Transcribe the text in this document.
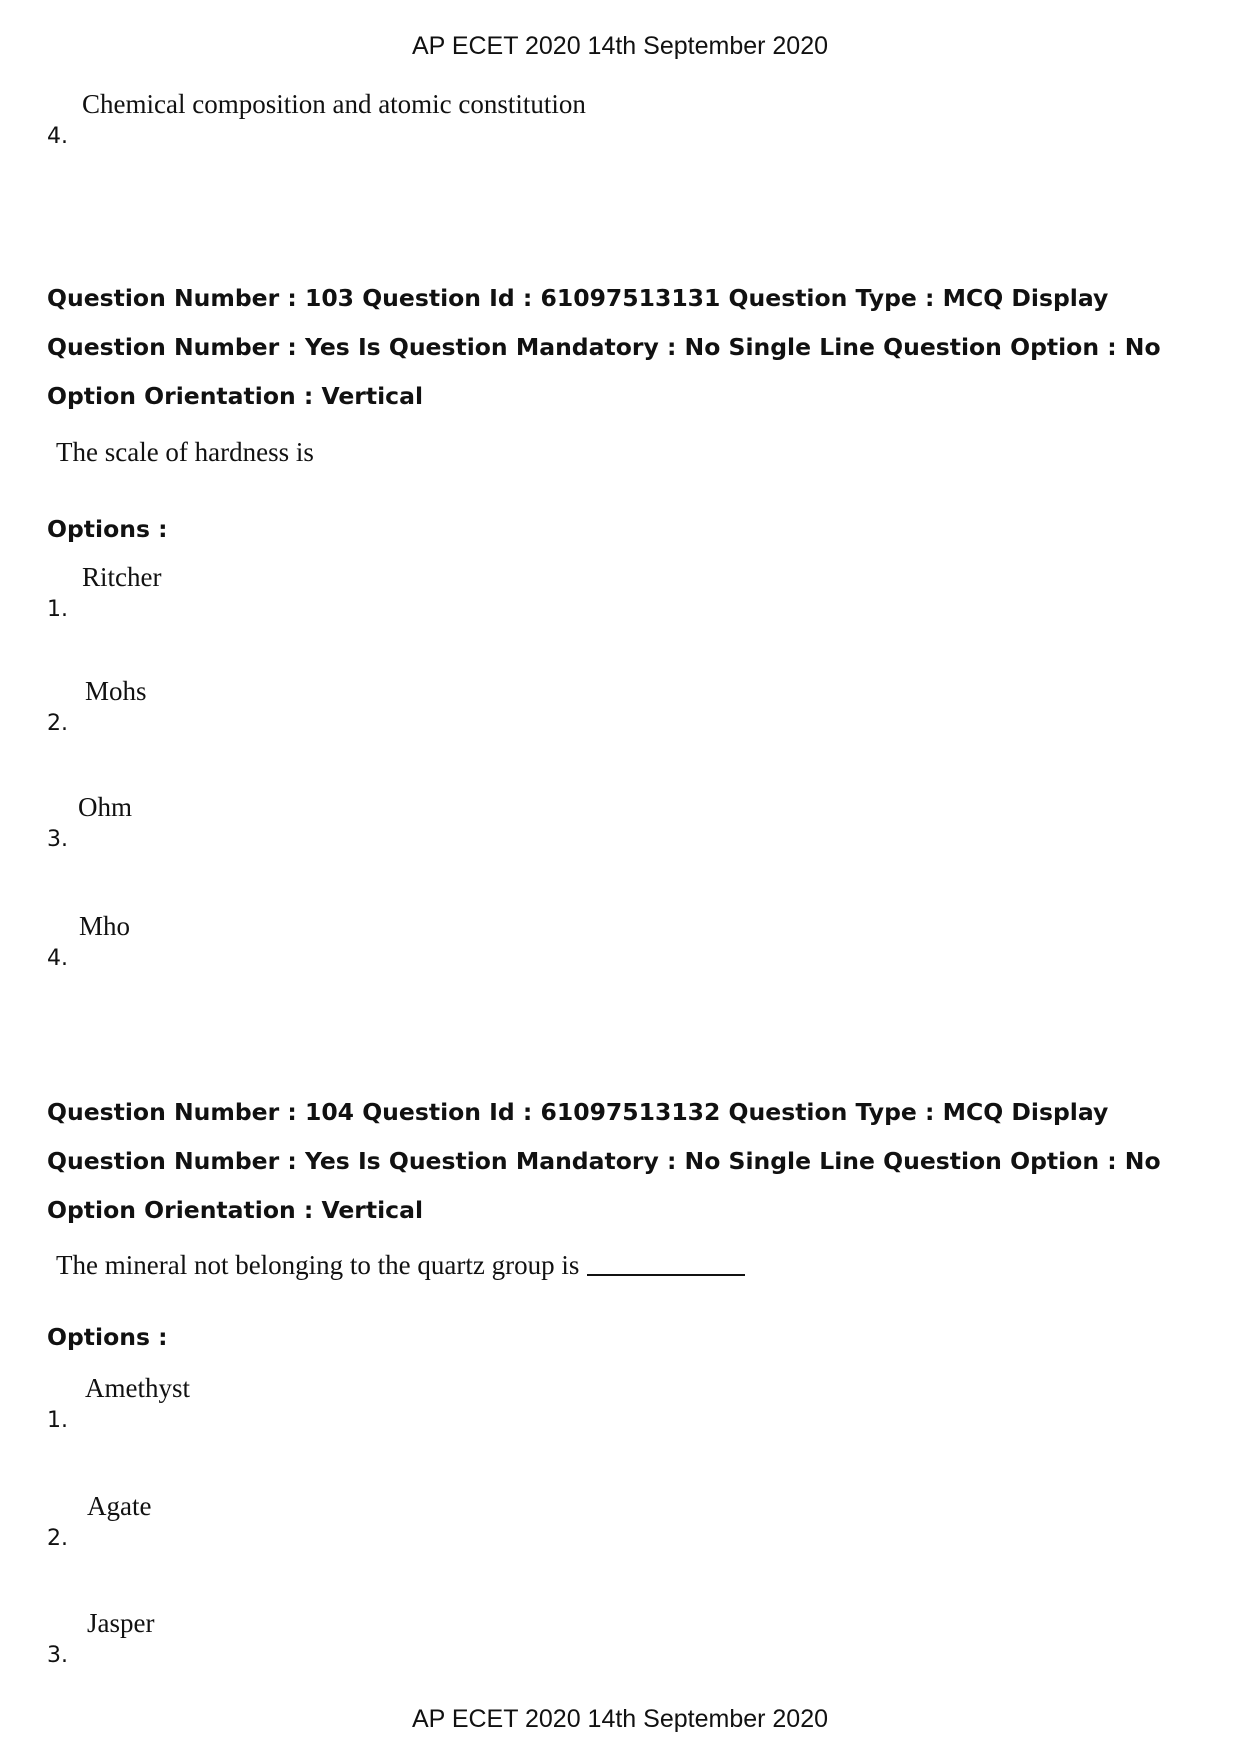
AP ECET 2020 14th September 2020
4.
Chemical composition and atomic constitution
Question Number : 103 Question Id : 61097513131 Question Type : MCQ Display Question Number : Yes Is Question Mandatory : No Single Line Question Option : No Option Orientation : Vertical
The scale of hardness is
Options :
1.
Ritcher
2.
Mohs
3.
Ohm
4.
Mho
Question Number : 104 Question Id : 61097513132 Question Type : MCQ Display Question Number : Yes Is Question Mandatory : No Single Line Question Option : No Option Orientation : Vertical
The mineral not belonging to the quartz group is
Options :
1.
Amethyst
2.
Agate
3.
Jasper
AP ECET 2020 14th September 2020
